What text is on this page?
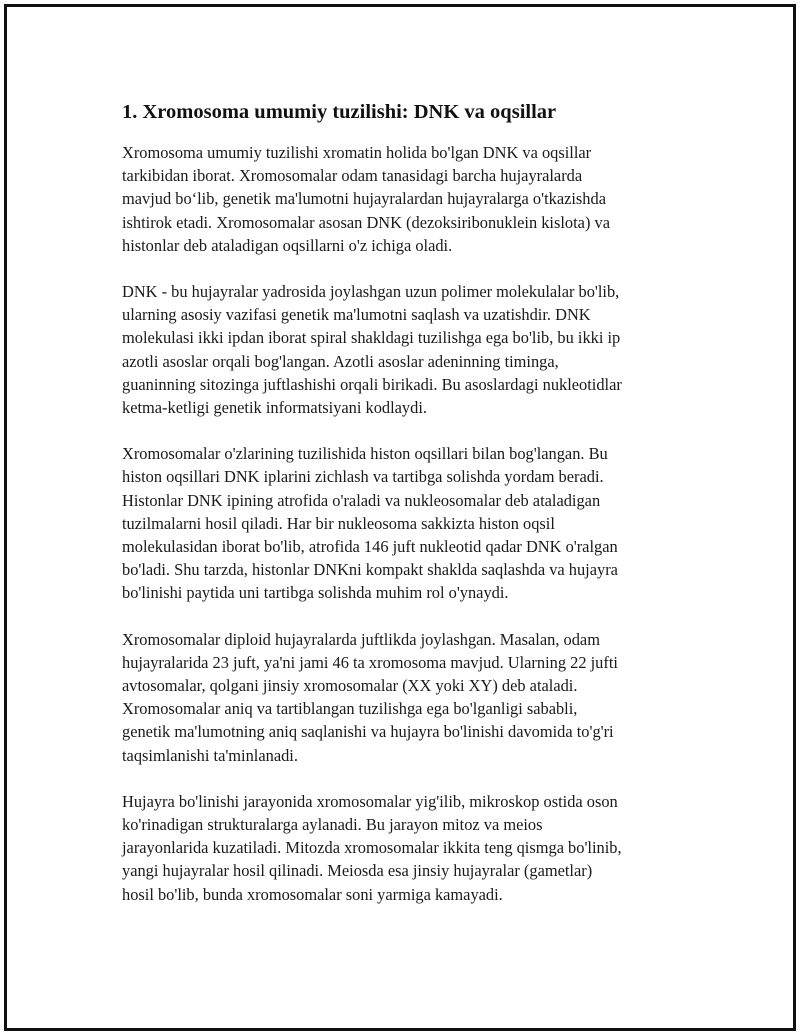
1. Xromosoma umumiy tuzilishi: DNK va oqsillar

Xromosoma umumiy tuzilishi xromatin holida bo'lgan DNK va oqsillar
tarkibidan iborat. Xromosomalar odam tanasidagi barcha hujayralarda
mavjud bo‘lib, genetik ma'lumotni hujayralardan hujayralarga o'tkazishda
ishtirok etadi. Xromosomalar asosan DNK (dezoksiribonuklein kislota) va
histonlar deb ataladigan oqsillarni o'z ichiga oladi.

DNK - bu hujayralar yadrosida joylashgan uzun polimer molekulalar bo'lib,
ularning asosiy vazifasi genetik ma'lumotni saqlash va uzatishdir. DNK
molekulasi ikki ipdan iborat spiral shakldagi tuzilishga ega bo'lib, bu ikki ip
azotli asoslar orqali bog'langan. Azotli asoslar adeninning timinga,
guaninning sitozinga juftlashishi orqali birikadi. Bu asoslardagi nukleotidlar
ketma-ketligi genetik informatsiyani kodlaydi.

Xromosomalar o'zlarining tuzilishida histon oqsillari bilan bog'langan. Bu
histon oqsillari DNK iplarini zichlash va tartibga solishda yordam beradi.
Histonlar DNK ipining atrofida o'raladi va nukleosomalar deb ataladigan
tuzilmalarni hosil qiladi. Har bir nukleosoma sakkizta histon oqsil
molekulasidan iborat bo'lib, atrofida 146 juft nukleotid qadar DNK o'ralgan
bo'ladi. Shu tarzda, histonlar DNKni kompakt shaklda saqlashda va hujayra
bo'linishi paytida uni tartibga solishda muhim rol o'ynaydi.

Xromosomalar diploid hujayralarda juftlikda joylashgan. Masalan, odam
hujayralarida 23 juft, ya'ni jami 46 ta xromosoma mavjud. Ularning 22 jufti
avtosomalar, qolgani jinsiy xromosomalar (XX yoki XY) deb ataladi.
Xromosomalar aniq va tartiblangan tuzilishga ega bo'lganligi sababli,
genetik ma'lumotning aniq saqlanishi va hujayra bo'linishi davomida to'g'ri
taqsimlanishi ta'minlanadi.

Hujayra bo'linishi jarayonida xromosomalar yig'ilib, mikroskop ostida oson
ko'rinadigan strukturalarga aylanadi. Bu jarayon mitoz va meios
jarayonlarida kuzatiladi. Mitozda xromosomalar ikkita teng qismga bo'linib,
yangi hujayralar hosil qilinadi. Meiosda esa jinsiy hujayralar (gametlar)
hosil bo'lib, bunda xromosomalar soni yarmiga kamayadi.
